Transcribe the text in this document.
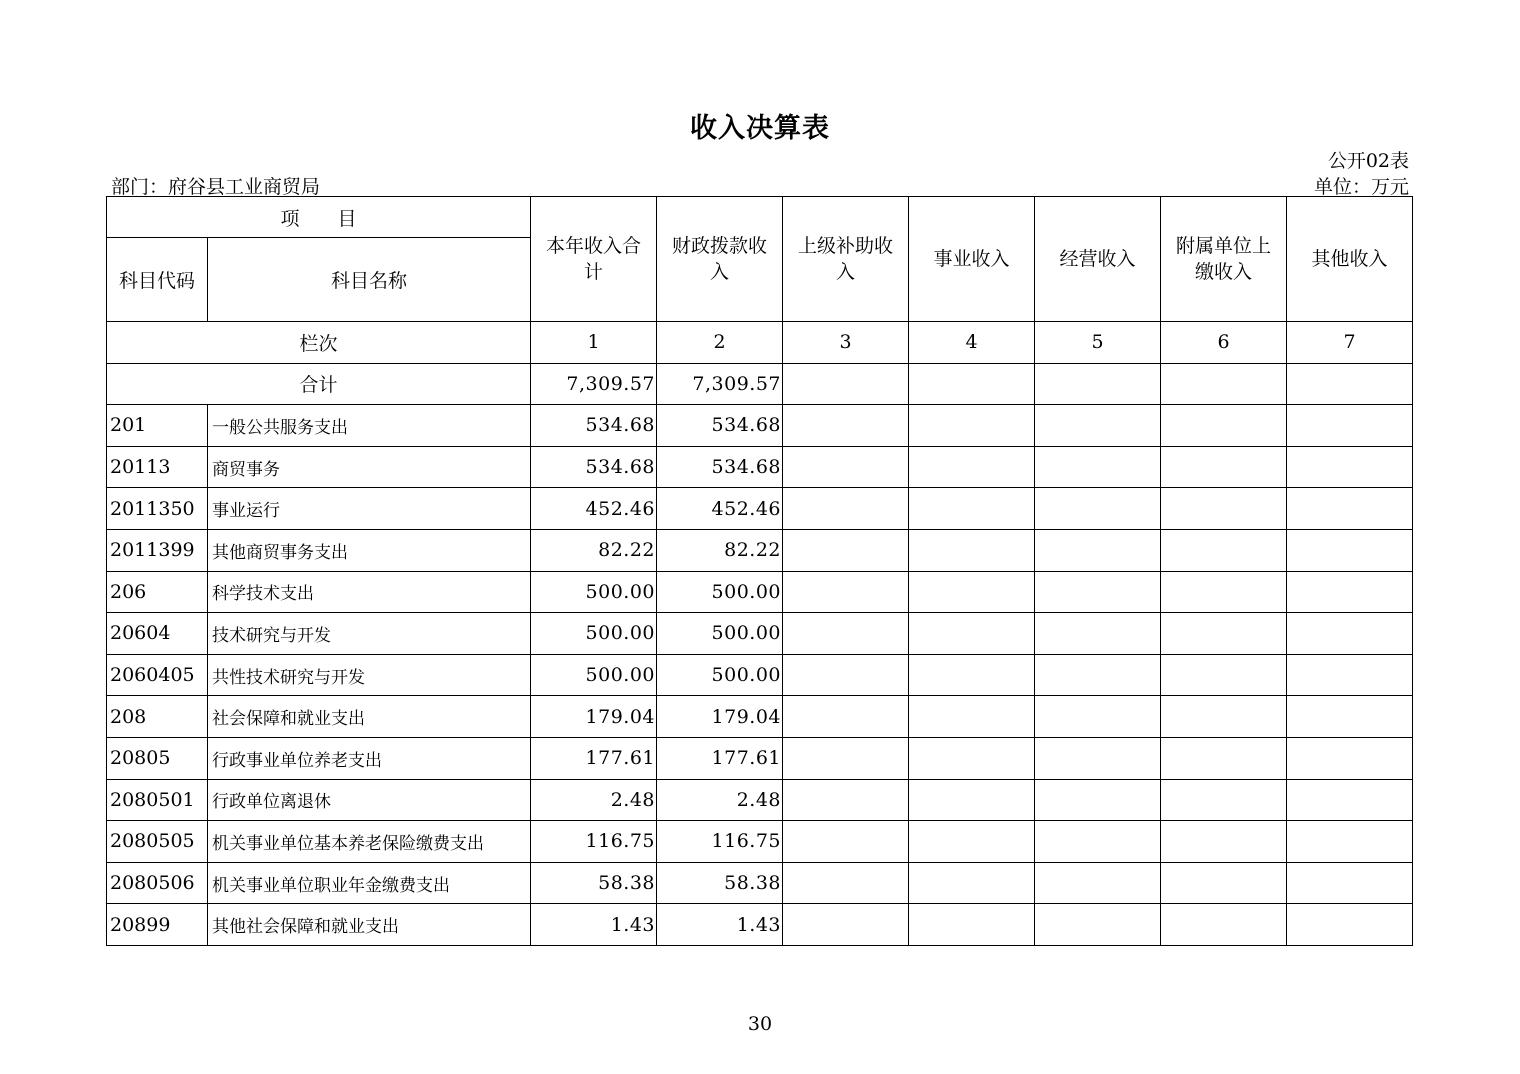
收入决算表
公开02表
部门：府谷县工业商贸局	单位：万元
项　　目		本年收入合计	财政拨款收入	上级补助收入	事业收入	经营收入	附属单位上缴收入	其他收入
科目代码	科目名称							
栏次		1	2	3	4	5	6	7
合计		7,309.57	7,309.57					
201	一般公共服务支出	534.68	534.68					
20113	商贸事务	534.68	534.68					
2011350	事业运行	452.46	452.46					
2011399	其他商贸事务支出	82.22	82.22					
206	科学技术支出	500.00	500.00					
20604	技术研究与开发	500.00	500.00					
2060405	共性技术研究与开发	500.00	500.00					
208	社会保障和就业支出	179.04	179.04					
20805	行政事业单位养老支出	177.61	177.61					
2080501	行政单位离退休	2.48	2.48					
2080505	机关事业单位基本养老保险缴费支出	116.75	116.75					
2080506	机关事业单位职业年金缴费支出	58.38	58.38					
20899	其他社会保障和就业支出	1.43	1.43					
30
